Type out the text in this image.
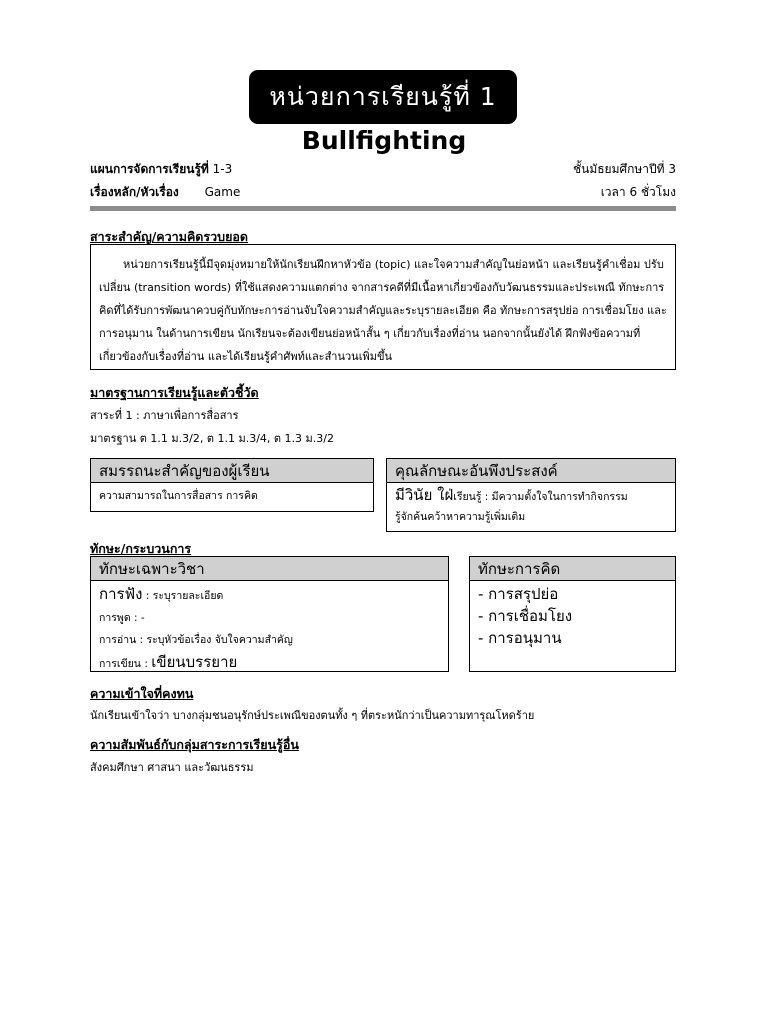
หน่วยการเรียนรู้ที่ 1
Bullfighting
แผนการจัดการเรียนรู้ที่ 1-3	ชั้นมัธยมศึกษาปีที่ 3
เรื่องหลัก/หัวเรื่อง Game	เวลา 6 ชั่วโมง
สาระสำคัญ/ความคิดรวบยอด

หน่วยการเรียนรู้นี้มีจุดมุ่งหมายให้นักเรียนฝึกหาหัวข้อ (topic) และใจความสำคัญในย่อหน้า และเรียนรู้คำเชื่อม ปรับเปลี่ยน (transition words) ที่ใช้แสดงความแตกต่าง จากสารคดีที่มีเนื้อหาเกี่ยวข้องกับวัฒนธรรมและประเพณี ทักษะการคิดที่ได้รับการพัฒนาควบคู่กับทักษะการอ่านจับใจความสำคัญและระบุรายละเอียด คือ ทักษะการสรุปย่อ การเชื่อมโยง และการอนุมาน ในด้านการเขียน นักเรียนจะต้องเขียนย่อหน้าสั้น ๆ เกี่ยวกับเรื่องที่อ่าน นอกจากนั้นยังได้ ฝึกฟังข้อความที่เกี่ยวข้องกับเรื่องที่อ่าน และได้เรียนรู้คำศัพท์และสำนวนเพิ่มขึ้น

มาตรฐานการเรียนรู้และตัวชี้วัด
สาระที่ 1 : ภาษาเพื่อการสื่อสาร
มาตรฐาน ต 1.1 ม.3/2, ต 1.1 ม.3/4, ต 1.3 ม.3/2
สมรรถนะสำคัญของผู้เรียน
ความสามารถในการสื่อสาร การคิด
คุณลักษณะอันพึงประสงค์
มีวินัย ใฝ่เรียนรู้ : มีความตั้งใจในการทำกิจกรรม
รู้จักค้นคว้าหาความรู้เพิ่มเติม
ทักษะ/กระบวนการ
ทักษะเฉพาะวิชา
การฟัง : ระบุรายละเอียด
การพูด : -
การอ่าน : ระบุหัวข้อเรื่อง จับใจความสำคัญ
การเขียน : เขียนบรรยาย
ทักษะการคิด
- การสรุปย่อ
- การเชื่อมโยง
- การอนุมาน
ความเข้าใจที่คงทน
นักเรียนเข้าใจว่า บางกลุ่มชนอนุรักษ์ประเพณีของตนทั้ง ๆ ที่ตระหนักว่าเป็นความทารุณโหดร้าย
ความสัมพันธ์กับกลุ่มสาระการเรียนรู้อื่น
สังคมศึกษา ศาสนา และวัฒนธรรม
